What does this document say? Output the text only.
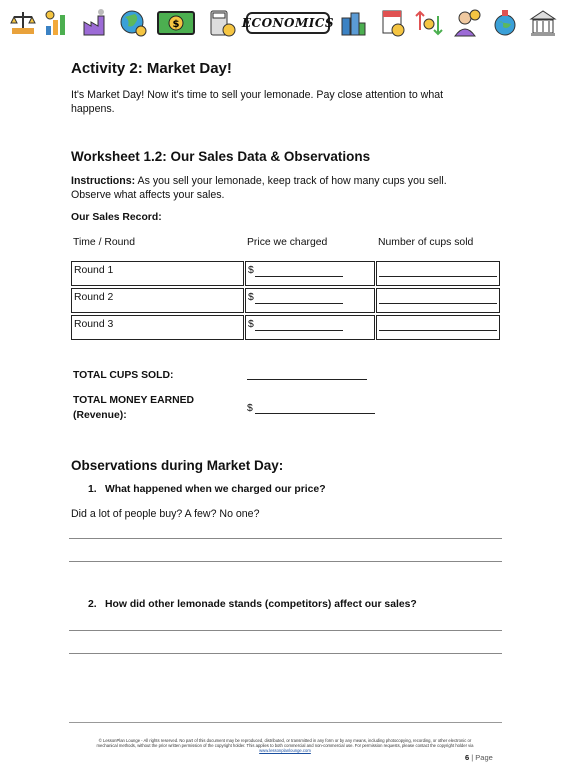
$	ECONOMICS
Activity 2: Market Day!

It's Market Day! Now it's time to sell your lemonade. Pay close attention to what

happens.

Worksheet 1.2: Our Sales Data & Observations

Instructions: As you sell your lemonade, keep track of how many cups you sell.

Observe what affects your sales.

Our Sales Record:
Time / Round	Price we charged	Number of cups sold
Round 1	$
Round 2	$
Round 3	$
TOTAL CUPS SOLD:
TOTAL MONEY EARNED
(Revenue):
$
Observations during Market Day:
1. What happened when we charged our price?

Did a lot of people buy? A few? No one?

2. How did other lemonade stands (competitors) affect our sales?
© LessonPlan Lounge - All rights reserved. No part of this document may be reproduced, distributed, or transmitted in any form or by any means, including photocopying, recording, or other electronic or
mechanical methods, without the prior written permission of the copyright holder. This applies to both commercial and non-commercial use. For permission requests, please contact the copyright holder via
www.lessonplanlounge.com
6 | Page
